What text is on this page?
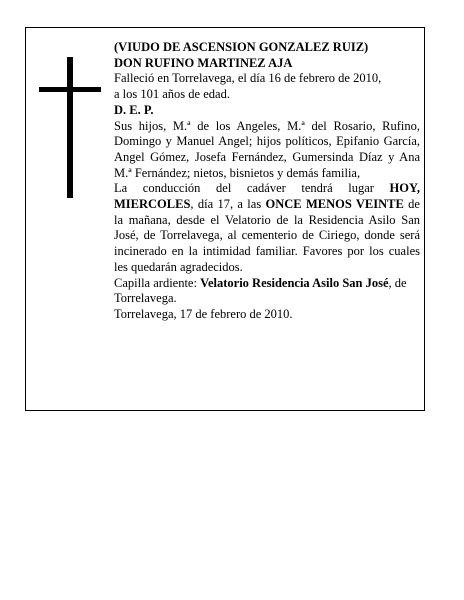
(VIUDO DE ASCENSION GONZALEZ RUIZ)

DON RUFINO MARTINEZ AJA

Falleció en Torrelavega, el día 16 de febrero de 2010,

a los 101 años de edad.

D. E. P.

Sus hijos, M.ª de los Angeles, M.ª del Rosario, Rufino, Domingo y Manuel Angel; hijos políticos, Epifanio García, Angel Gómez, Josefa Fernández, Gumersinda Díaz y Ana M.ª Fernández; nietos, bisnietos y demás familia,

La conducción del cadáver tendrá lugar HOY, MIERCOLES, día 17, a las ONCE MENOS VEINTE de la mañana, desde el Velatorio de la Residencia Asilo San José, de Torrelavega, al cementerio de Ciriego, donde será incinerado en la intimidad familiar. Favores por los cuales les quedarán agradecidos.

Capilla ardiente: Velatorio Residencia Asilo San José, de Torrelavega.

Torrelavega, 17 de febrero de 2010.
